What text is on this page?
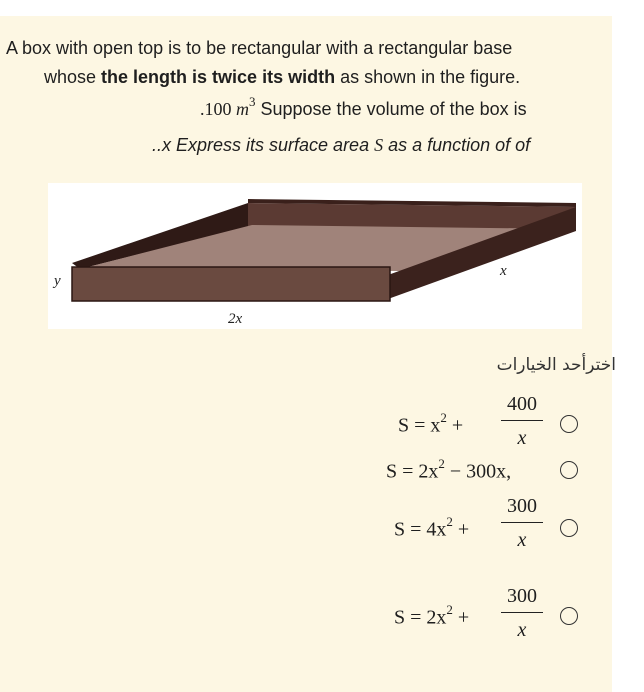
A box with open top is to be rectangular with a rectangular base
whose the length is twice its width as shown in the figure.
.100 $m^3$ Suppose the volume of the box is
..x Express its surface area S as a function of of
y
x
2x
اخترأحد الخيارات
$S = x^2$ +
400
x
$S = 2x^2 - 300x$,
$S = 4x^2$ +
300
x
$S = 2x^2$ +
300
x
